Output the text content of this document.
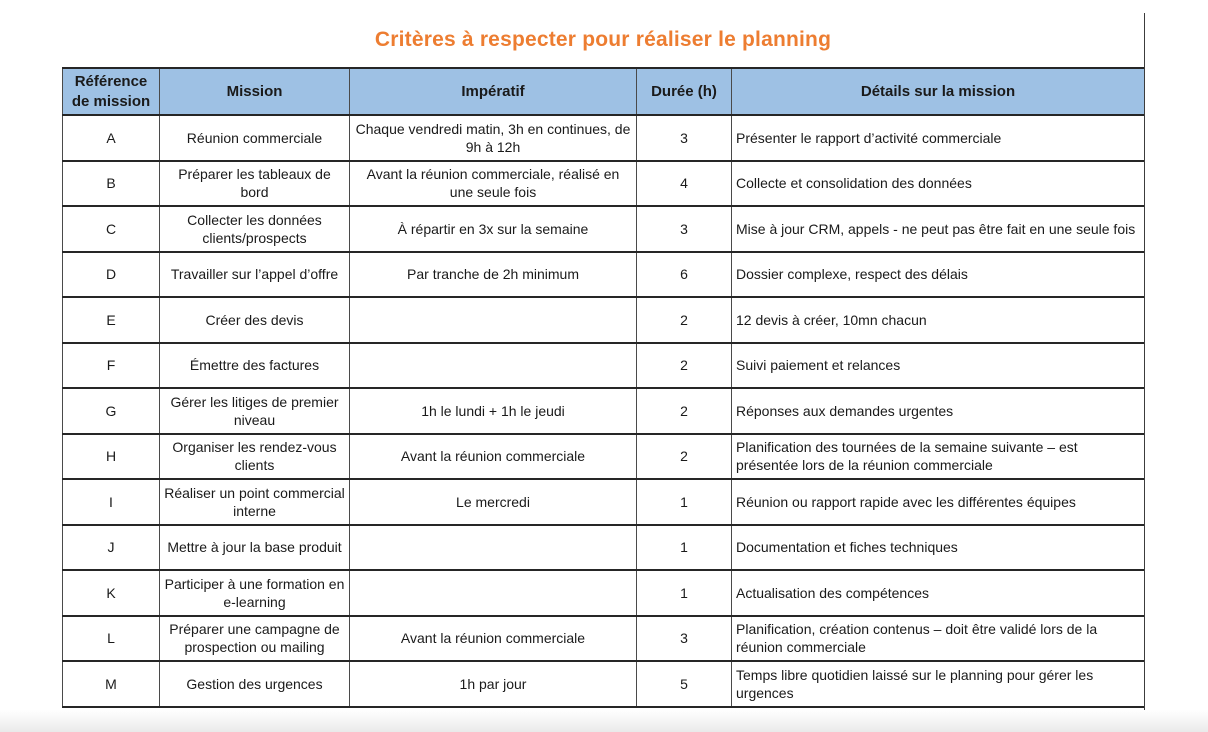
Critères à respecter pour réaliser le planning
Référence de mission	Mission	Impératif	Durée (h)	Détails sur la mission
A	Réunion commerciale	Chaque vendredi matin, 3h en continues, de 9h à 12h	3	Présenter le rapport d’activité commerciale
B	Préparer les tableaux de bord	Avant la réunion commerciale, réalisé en une seule fois	4	Collecte et consolidation des données
C	Collecter les données clients/prospects	À répartir en 3x sur la semaine	3	Mise à jour CRM, appels - ne peut pas être fait en une seule fois
D	Travailler sur l’appel d’offre	Par tranche de 2h minimum	6	Dossier complexe, respect des délais
E	Créer des devis		2	12 devis à créer, 10mn chacun
F	Émettre des factures		2	Suivi paiement et relances
G	Gérer les litiges de premier niveau	1h le lundi + 1h le jeudi	2	Réponses aux demandes urgentes
H	Organiser les rendez-vous clients	Avant la réunion commerciale	2	Planification des tournées de la semaine suivante – est présentée lors de la réunion commerciale
I	Réaliser un point commercial interne	Le mercredi	1	Réunion ou rapport rapide avec les différentes équipes
J	Mettre à jour la base produit		1	Documentation et fiches techniques
K	Participer à une formation en e-learning		1	Actualisation des compétences
L	Préparer une campagne de prospection ou mailing	Avant la réunion commerciale	3	Planification, création contenus – doit être validé lors de la réunion commerciale
M	Gestion des urgences	1h par jour	5	Temps libre quotidien laissé sur le planning pour gérer les urgences
